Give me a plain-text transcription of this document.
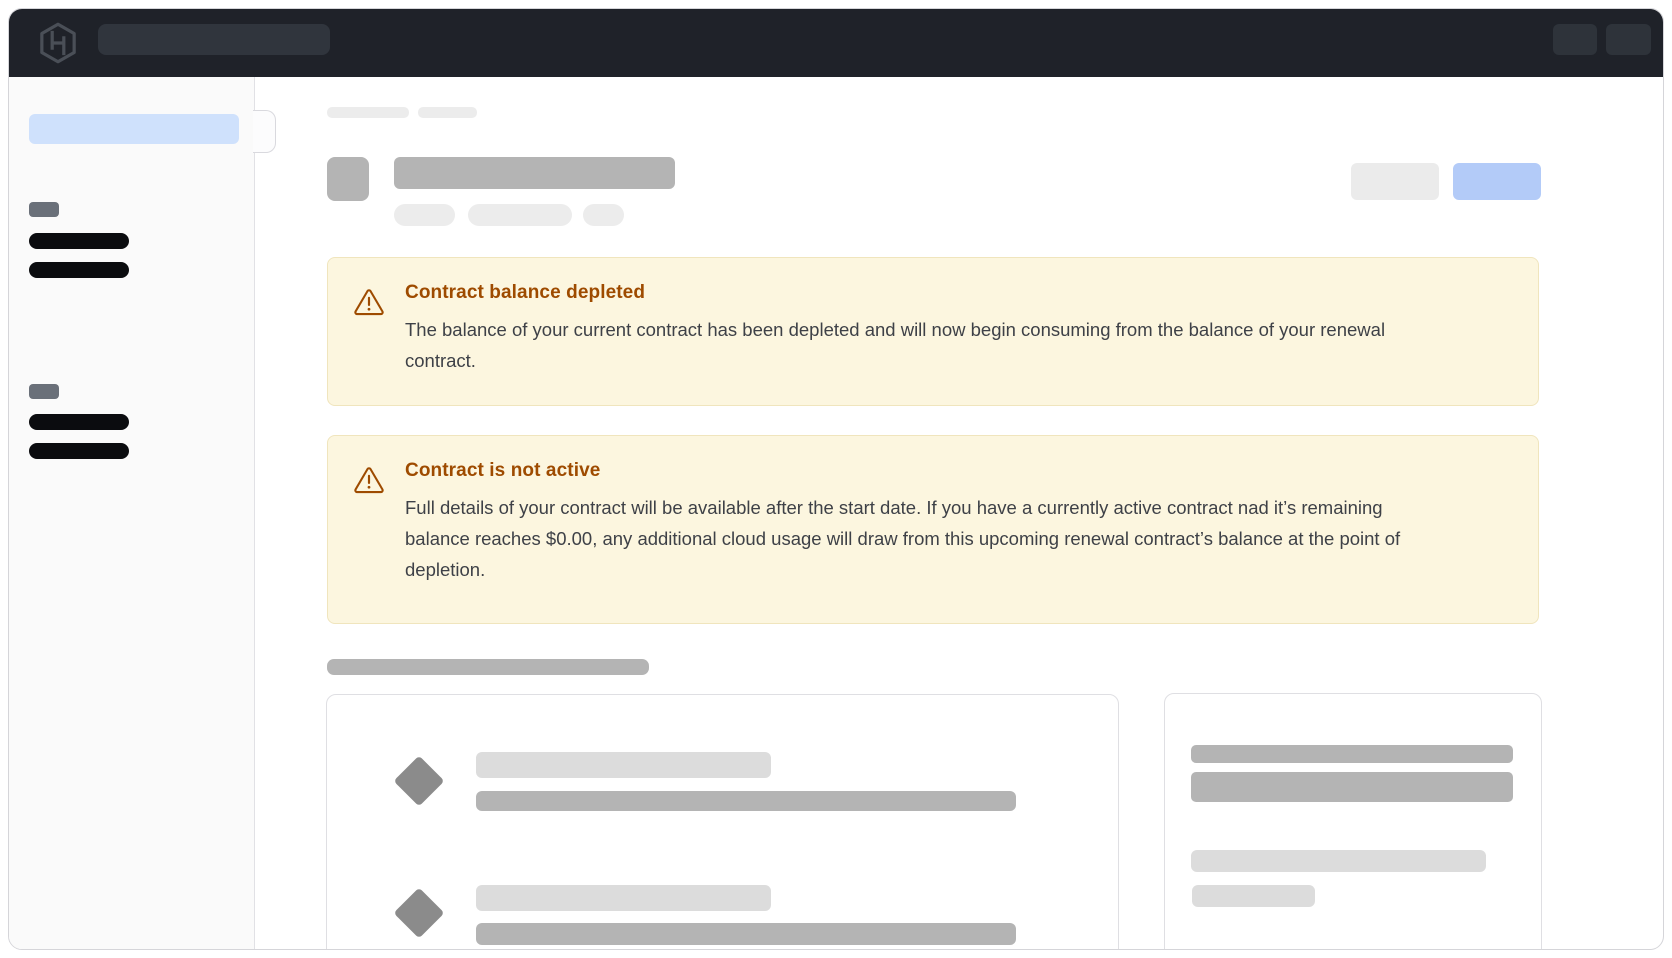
Contract balance depleted
The balance of your current contract has been depleted and will now begin consuming from the balance of your renewal contract.
Contract is not active
Full details of your contract will be available after the start date. If you have a currently active contract nad it’s remaining balance reaches $0.00, any additional cloud usage will draw from this upcoming renewal contract’s balance at the point of depletion.
